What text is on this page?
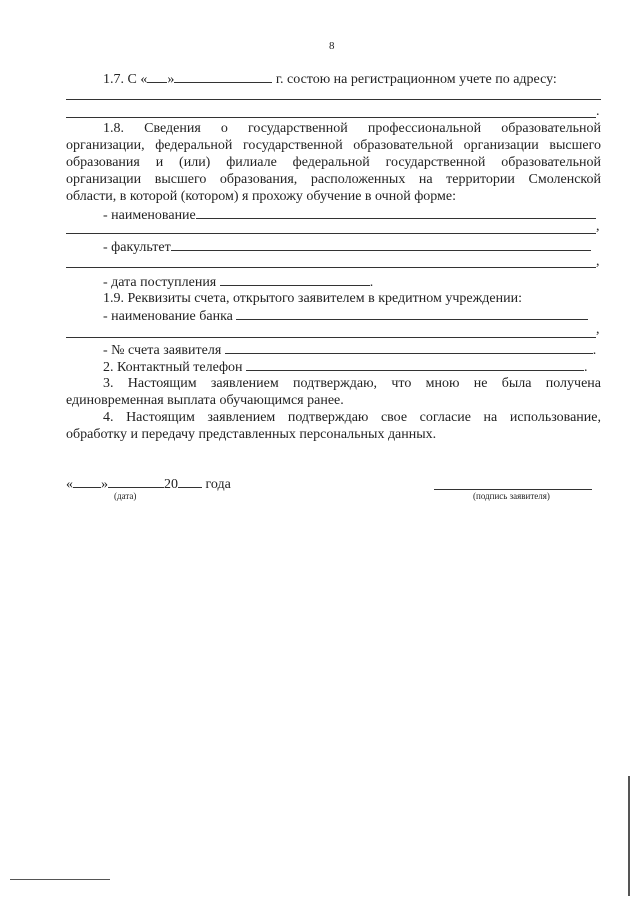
8
1.7. С « »	г. состою на регистрационном учете по адресу:
.
1.8. Сведения о государственной профессиональной образовательной
организации, федеральной государственной образовательной организации высшего
образования и (или) филиале федеральной государственной образовательной
организации высшего образования, расположенных на территории Смоленской
области, в которой (котором) я прохожу обучение в очной форме:
- наименование
,
- факультет
,
- дата поступления	.
1.9. Реквизиты счета, открытого заявителем в кредитном учреждении:
- наименование банка
,
- № счета заявителя	.
2. Контактный телефон	.
3. Настоящим заявлением подтверждаю, что мною не была получена
единовременная выплата обучающимся ранее.
4. Настоящим заявлением подтверждаю свое согласие на использование,
обработку и передачу представленных персональных данных.
« »	20 года
(дата)	(подпись заявителя)
